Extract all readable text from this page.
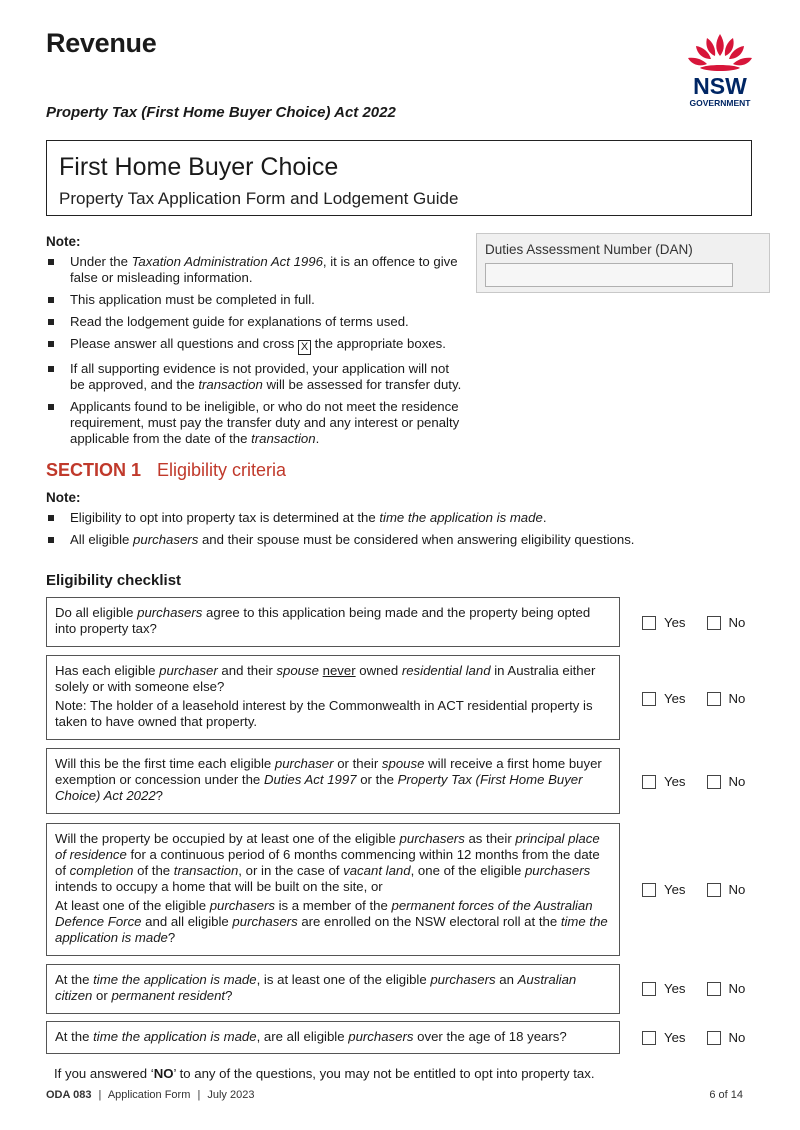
Revenue
Property Tax (First Home Buyer Choice) Act 2022
NSW
GOVERNMENT
First Home Buyer Choice
Property Tax Application Form and Lodgement Guide
Note:
Under the Taxation Administration Act 1996, it is an offence to give false or misleading information.
This application must be completed in full.
Read the lodgement guide for explanations of terms used.
Please answer all questions and cross X the appropriate boxes.
If all supporting evidence is not provided, your application will not be approved, and the transaction will be assessed for transfer duty.
Applicants found to be ineligible, or who do not meet the residence requirement, must pay the transfer duty and any interest or penalty applicable from the date of the transaction.
Duties Assessment Number (DAN)
SECTION 1 Eligibility criteria
Note:
Eligibility to opt into property tax is determined at the time the application is made.
All eligible purchasers and their spouse must be considered when answering eligibility questions.
Eligibility checklist

Do all eligible purchasers agree to this application being made and the property being opted into property tax?	Yes	No

Has each eligible purchaser and their spouse never owned residential land in Australia either solely or with someone else?

Note: The holder of a leasehold interest by the Commonwealth in ACT residential property is taken to have owned that property.

Yes	No

Will this be the first time each eligible purchaser or their spouse will receive a first home buyer exemption or concession under the Duties Act 1997 or the Property Tax (First Home Buyer Choice) Act 2022?

Yes	No

Will the property be occupied by at least one of the eligible purchasers as their principal place of residence for a continuous period of 6 months commencing within 12 months from the date of completion of the transaction, or in the case of vacant land, one of the eligible purchasers intends to occupy a home that will be built on the site, or

At least one of the eligible purchasers is a member of the permanent forces of the Australian Defence Force and all eligible purchasers are enrolled on the NSW electoral roll at the time the application is made?

Yes	No

At the time the application is made, is at least one of the eligible purchasers an Australian citizen or permanent resident?	Yes	No

At the time the application is made, are all eligible purchasers over the age of 18 years?	Yes	No
If you answered ‘NO’ to any of the questions, you may not be entitled to opt into property tax.
ODA 083 | Application Form | July 2023	6 of 14
